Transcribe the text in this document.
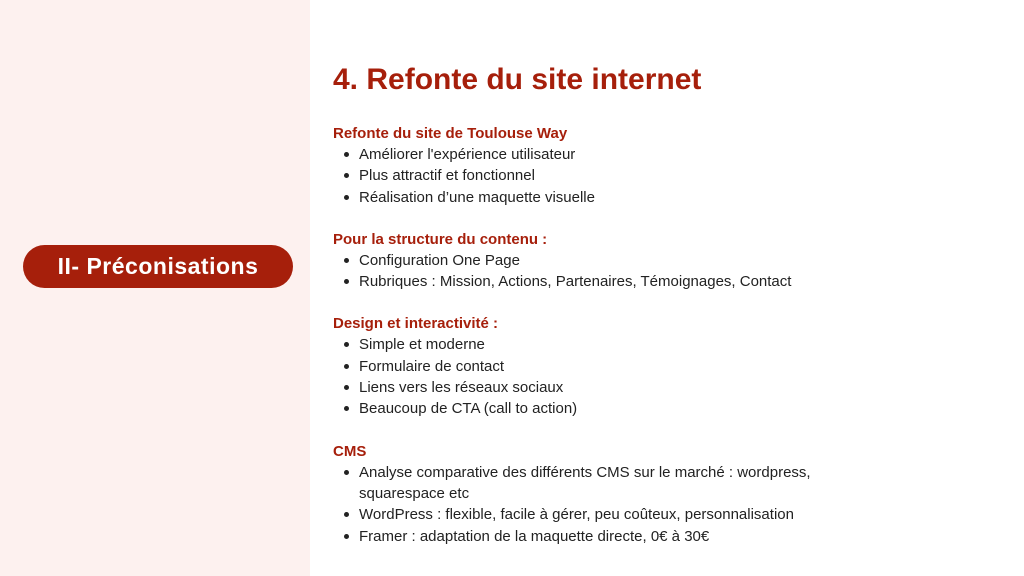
II- Préconisations
4. Refonte du site internet
Refonte du site de Toulouse Way
Améliorer l'expérience utilisateur
Plus attractif et fonctionnel
Réalisation d’une maquette visuelle
Pour la structure du contenu :
Configuration One Page
Rubriques : Mission, Actions, Partenaires, Témoignages, Contact
Design et interactivité :
Simple et moderne
Formulaire de contact
Liens vers les réseaux sociaux
Beaucoup de CTA (call to action)
CMS
Analyse comparative des différents CMS sur le marché : wordpress, squarespace etc
WordPress : flexible, facile à gérer, peu coûteux, personnalisation
Framer : adaptation de la maquette directe, 0€ à 30€
